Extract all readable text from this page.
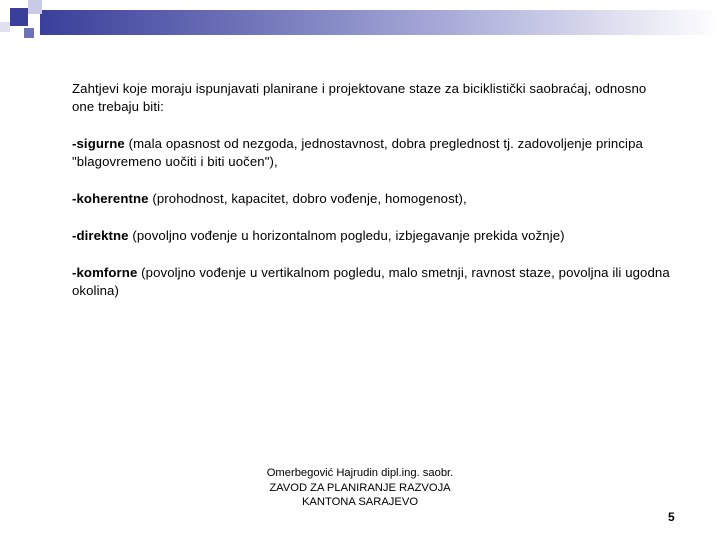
Zahtjevi koje moraju ispunjavati planirane i projektovane staze za biciklistički saobraćaj, odnosno one trebaju biti:

-sigurne (mala opasnost od nezgoda, jednostavnost, dobra preglednost tj. zadovoljenje principa "blagovremeno uočiti i biti uočen"),

-koherentne (prohodnost, kapacitet, dobro vođenje, homogenost),

-direktne (povoljno vođenje u horizontalnom pogledu, izbjegavanje prekida vožnje)

-komforne (povoljno vođenje u vertikalnom pogledu, malo smetnji, ravnost staze, povoljna ili ugodna okolina)

Omerbegović Hajrudin dipl.ing. saobr.
ZAVOD ZA PLANIRANJE RAZVOJA
KANTONA SARAJEVO
5
